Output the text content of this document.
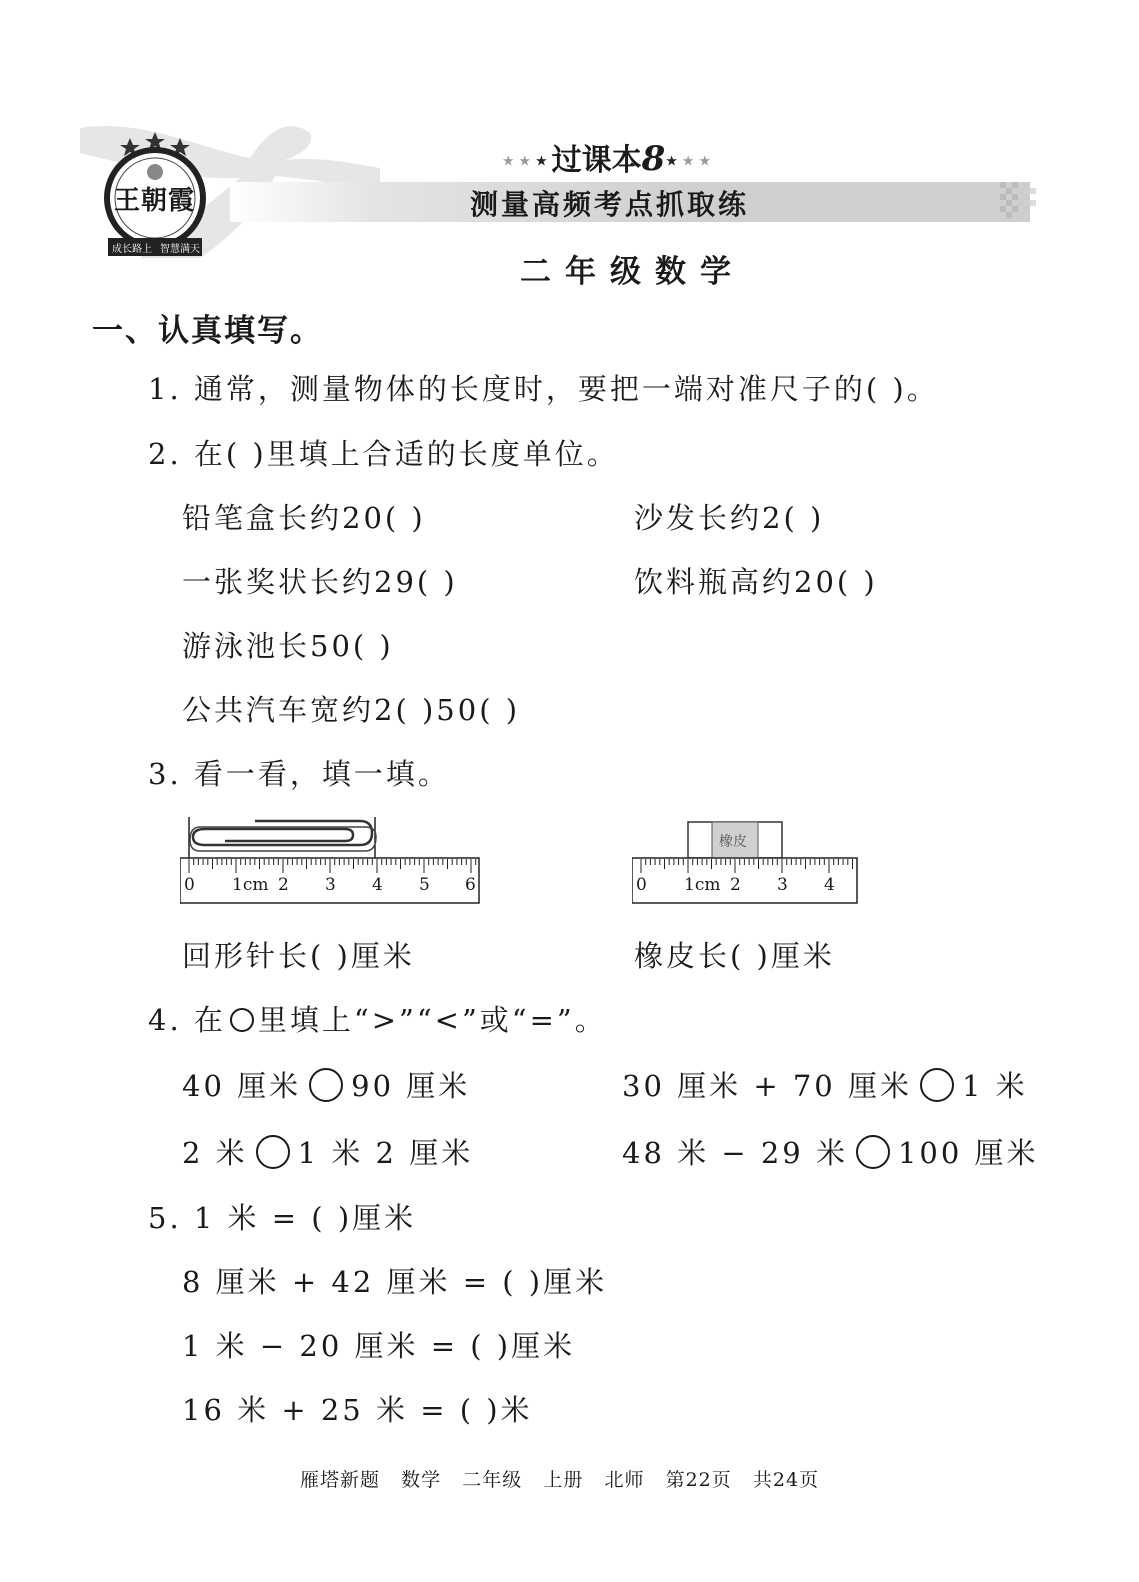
王朝霞
成长路上 智慧满天
★★★过课本8★★★
测量高频考点抓取练
二年级数学
一、认真填写。
1. 通常，测量物体的长度时，要把一端对准尺子的( )。
2. 在( )里填上合适的长度单位。
铅笔盒长约20( )	沙发长约2( )
一张奖状长约29( )	饮料瓶高约20( )
游泳池长50( )
公共汽车宽约2( )50( )
3. 看一看，填一填。
0 1cm 2 3 4 5 6
橡皮
0 1cm 2 3 4
回形针长( )厘米	橡皮长( )厘米
4. 在 里填上“>”“<”或“=”。
40 厘米 90 厘米	30 厘米 + 70 厘米 1 米
2 米 1 米 2 厘米	48 米 − 29 米 100 厘米
5. 1 米 = ( )厘米
8 厘米 + 42 厘米 = ( )厘米
1 米 − 20 厘米 = ( )厘米
16 米 + 25 米 = ( )米
雁塔新题   数学   二年级   上册   北师   第22页   共24页
